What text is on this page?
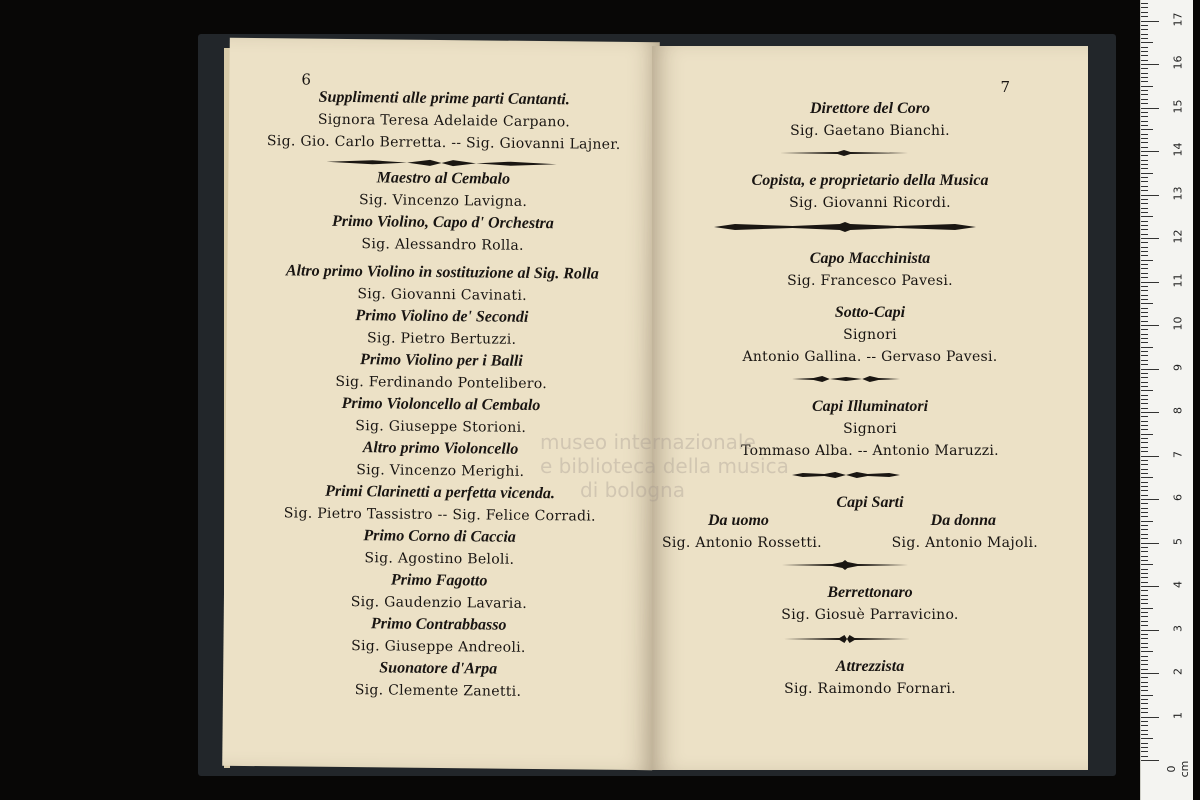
6
Supplimenti alle prime parti Cantanti.
Signora Teresa Adelaide Carpano.
Sig. Gio. Carlo Berretta. -- Sig. Giovanni Lajner.
Maestro al Cembalo
Sig. Vincenzo Lavigna.
Primo Violino, Capo d' Orchestra
Sig. Alessandro Rolla.
Altro primo Violino in sostituzione al Sig. Rolla
Sig. Giovanni Cavinati.
Primo Violino de' Secondi
Sig. Pietro Bertuzzi.
Primo Violino per i Balli
Sig. Ferdinando Pontelibero.
Primo Violoncello al Cembalo
Sig. Giuseppe Storioni.
Altro primo Violoncello
Sig. Vincenzo Merighi.
Primi Clarinetti a perfetta vicenda.
Sig. Pietro Tassistro -- Sig. Felice Corradi.
Primo Corno di Caccia
Sig. Agostino Beloli.
Primo Fagotto
Sig. Gaudenzio Lavaria.
Primo Contrabbasso
Sig. Giuseppe Andreoli.
Suonatore d'Arpa
Sig. Clemente Zanetti.
7
Direttore del Coro
Sig. Gaetano Bianchi.
Copista, e proprietario della Musica
Sig. Giovanni Ricordi.
Capo Macchinista
Sig. Francesco Pavesi.
Sotto-Capi
Signori
Antonio Gallina. -- Gervaso Pavesi.
Capi Illuminatori
Signori
Tommaso Alba. -- Antonio Maruzzi.
Capi Sarti
Da uomo	Da donna
Sig. Antonio Rossetti.	Sig. Antonio Majoli.
Berrettonaro
Sig. Giosuè Parravicino.
Attrezzista
Sig. Raimondo Fornari.
museo internazionale
e biblioteca della musica
di bologna
0 cm
1
2
3
4
5
6
7
8
9
10
11
12
13
14
15
16
17
